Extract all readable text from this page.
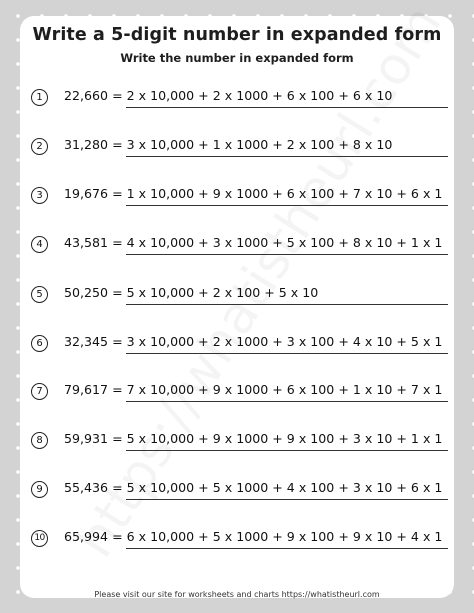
Write a 5-digit number in expanded form
Write the number in expanded form
1	22,660 = 2 x 10,000 + 2 x 1000 + 6 x 100 + 6 x 10
2	31,280 = 3 x 10,000 + 1 x 1000 + 2 x 100 + 8 x 10
3	19,676 = 1 x 10,000 + 9 x 1000 + 6 x 100 + 7 x 10 + 6 x 1
4	43,581 = 4 x 10,000 + 3 x 1000 + 5 x 100 + 8 x 10 + 1 x 1
5	50,250 = 5 x 10,000 + 2 x 100 + 5 x 10
6	32,345 = 3 x 10,000 + 2 x 1000 + 3 x 100 + 4 x 10 + 5 x 1
7	79,617 = 7 x 10,000 + 9 x 1000 + 6 x 100 + 1 x 10 + 7 x 1
8	59,931 = 5 x 10,000 + 9 x 1000 + 9 x 100 + 3 x 10 + 1 x 1
9	55,436 = 5 x 10,000 + 5 x 1000 + 4 x 100 + 3 x 10 + 6 x 1
10 65,994 = 6 x 10,000 + 5 x 1000 + 9 x 100 + 9 x 10 + 4 x 1
Please visit our site for worksheets and charts https://whatistheurl.com
